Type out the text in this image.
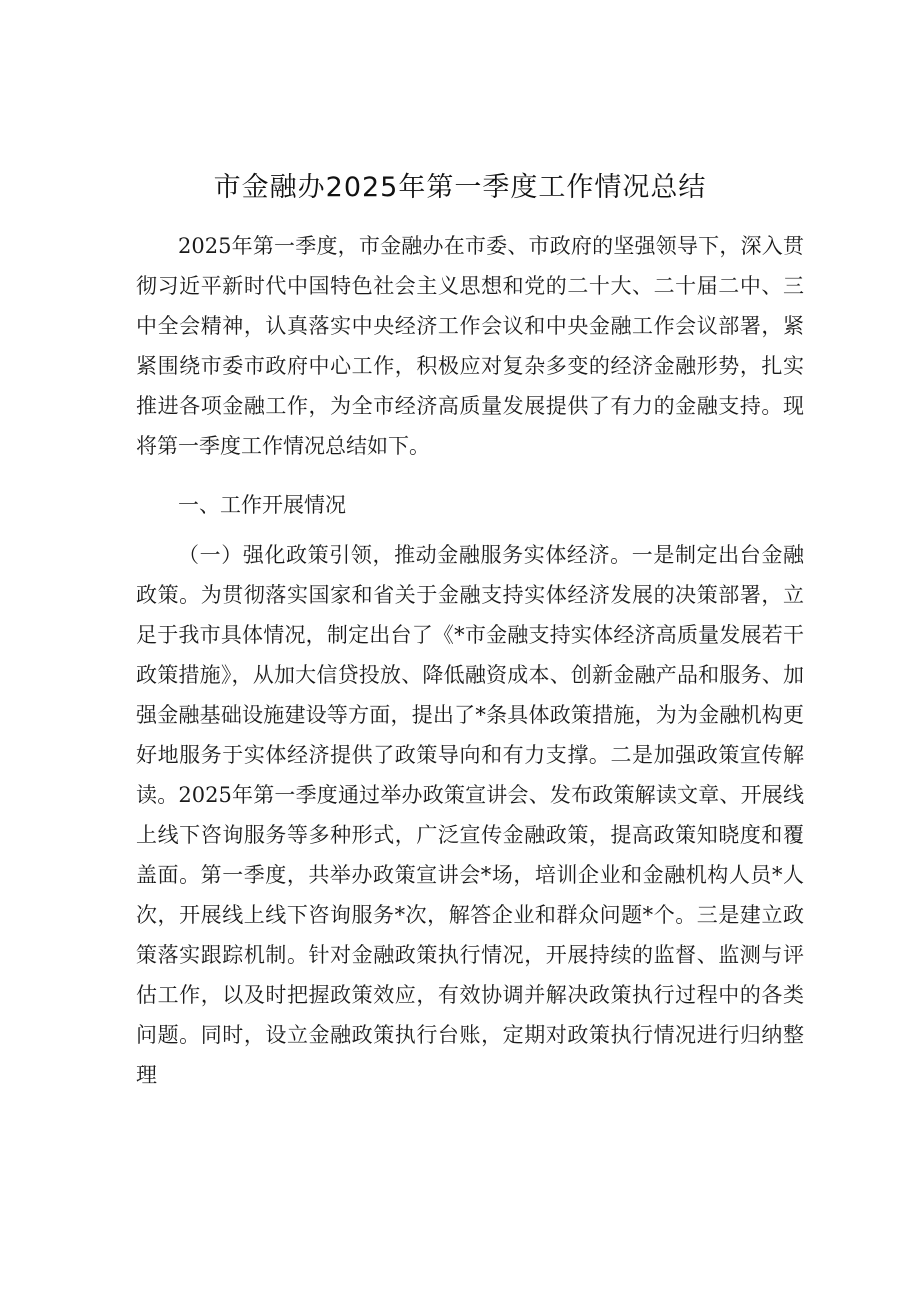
市金融办2025年第一季度工作情况总结

2025年第一季度，市金融办在市委、市政府的坚强领导下，深入贯彻习近平新时代中国特色社会主义思想和党的二十大、二十届二中、三中全会精神，认真落实中央经济工作会议和中央金融工作会议部署，紧紧围绕市委市政府中心工作，积极应对复杂多变的经济金融形势，扎实推进各项金融工作，为全市经济高质量发展提供了有力的金融支持。现将第一季度工作情况总结如下。

一、工作开展情况

（一）强化政策引领，推动金融服务实体经济。一是制定出台金融政策。为贯彻落实国家和省关于金融支持实体经济发展的决策部署，立足于我市具体情况，制定出台了《*市金融支持实体经济高质量发展若干政策措施》，从加大信贷投放、降低融资成本、创新金融产品和服务、加强金融基础设施建设等方面，提出了*条具体政策措施，为为金融机构更好地服务于实体经济提供了政策导向和有力支撑。二是加强政策宣传解读。2025年第一季度通过举办政策宣讲会、发布政策解读文章、开展线上线下咨询服务等多种形式，广泛宣传金融政策，提高政策知晓度和覆盖面。第一季度，共举办政策宣讲会*场，培训企业和金融机构人员*人次，开展线上线下咨询服务*次，解答企业和群众问题*个。三是建立政策落实跟踪机制。针对金融政策执行情况，开展持续的监督、监测与评估工作，以及时把握政策效应，有效协调并解决政策执行过程中的各类问题。同时，设立金融政策执行台账，定期对政策执行情况进行归纳整理
